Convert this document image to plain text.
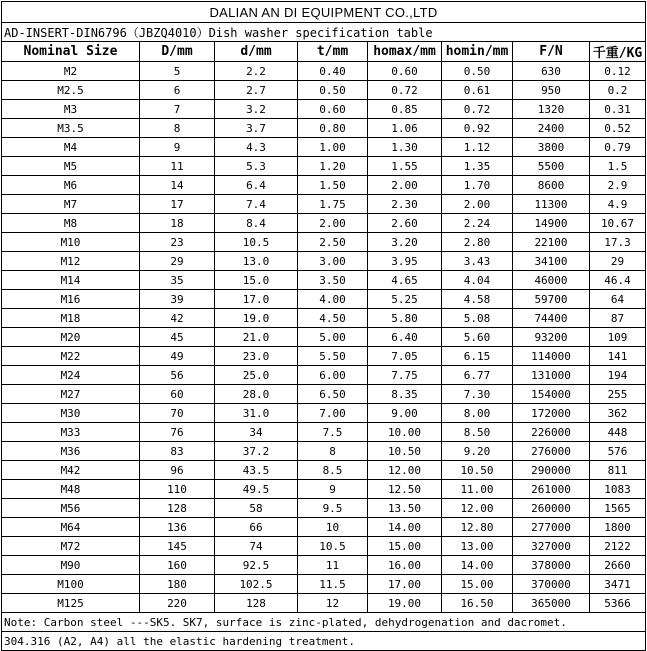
DALIAN AN DI EQUIPMENT CO.,LTD							
AD-INSERT-DIN6796（JBZQ4010）Dish washer specification table							
Nominal Size	D/mm	d/mm	t/mm	homax/mm	homin/mm	F/N	千重/KG
M2	5	2.2	0.40	0.60	0.50	630	0.12
M2.5	6	2.7	0.50	0.72	0.61	950	0.2
M3	7	3.2	0.60	0.85	0.72	1320	0.31
M3.5	8	3.7	0.80	1.06	0.92	2400	0.52
M4	9	4.3	1.00	1.30	1.12	3800	0.79
M5	11	5.3	1.20	1.55	1.35	5500	1.5
M6	14	6.4	1.50	2.00	1.70	8600	2.9
M7	17	7.4	1.75	2.30	2.00	11300	4.9
M8	18	8.4	2.00	2.60	2.24	14900	10.67
M10	23	10.5	2.50	3.20	2.80	22100	17.3
M12	29	13.0	3.00	3.95	3.43	34100	29
M14	35	15.0	3.50	4.65	4.04	46000	46.4
M16	39	17.0	4.00	5.25	4.58	59700	64
M18	42	19.0	4.50	5.80	5.08	74400	87
M20	45	21.0	5.00	6.40	5.60	93200	109
M22	49	23.0	5.50	7.05	6.15	114000	141
M24	56	25.0	6.00	7.75	6.77	131000	194
M27	60	28.0	6.50	8.35	7.30	154000	255
M30	70	31.0	7.00	9.00	8.00	172000	362
M33	76	34	7.5	10.00	8.50	226000	448
M36	83	37.2	8	10.50	9.20	276000	576
M42	96	43.5	8.5	12.00	10.50	290000	811
M48	110	49.5	9	12.50	11.00	261000	1083
M56	128	58	9.5	13.50	12.00	260000	1565
M64	136	66	10	14.00	12.80	277000	1800
M72	145	74	10.5	15.00	13.00	327000	2122
M90	160	92.5	11	16.00	14.00	378000	2660
M100	180	102.5	11.5	17.00	15.00	370000	3471
M125	220	128	12	19.00	16.50	365000	5366
Note: Carbon steel ---SK5. SK7, surface is zinc-plated, dehydrogenation and dacromet.							
304.316 (A2, A4) all the elastic hardening treatment.							
